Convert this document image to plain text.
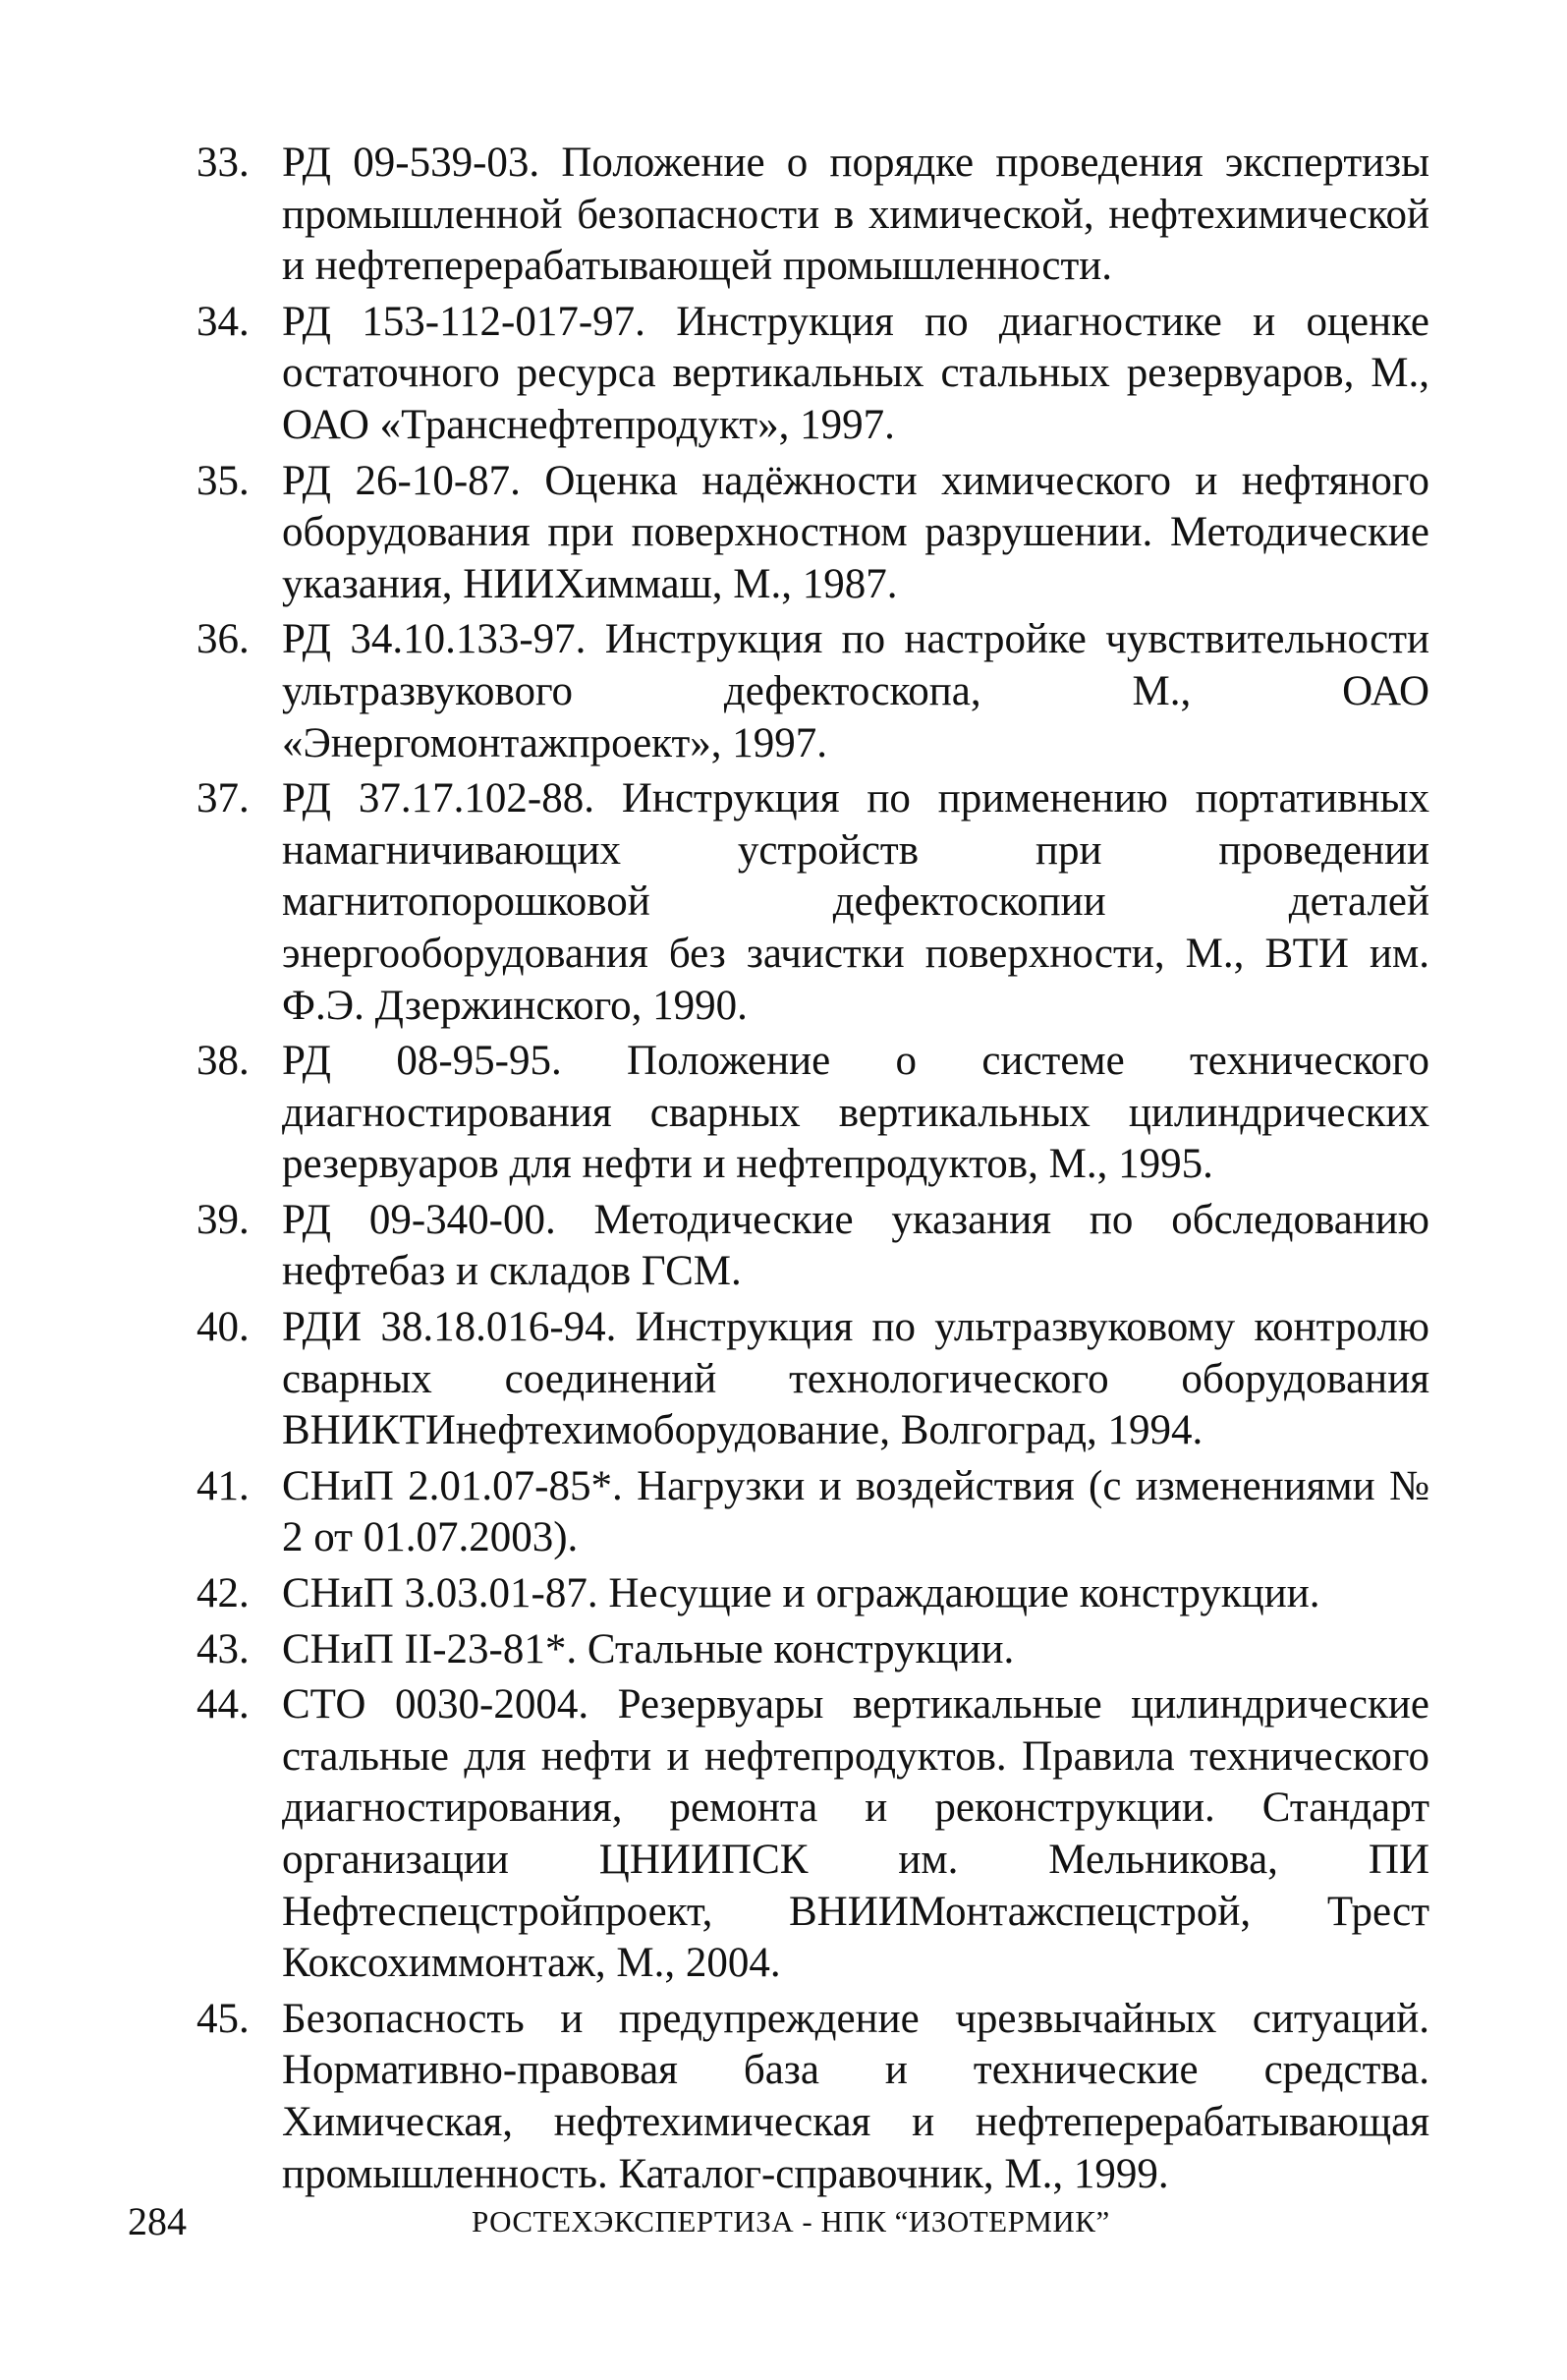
33. РД 09-539-03. Положение о порядке проведения экспертизы промышленной безопасности в химической, нефтехимической и нефтеперерабатывающей промышленности.
34. РД 153-112-017-97. Инструкция по диагностике и оценке остаточного ресурса вертикальных стальных резервуаров, М., ОАО «Транснефтепродукт», 1997.
35. РД 26-10-87. Оценка надёжности химического и нефтяного оборудования при поверхностном разрушении. Методические указания, НИИХиммаш, М., 1987.
36. РД 34.10.133-97. Инструкция по настройке чувствительности ультразвукового дефектоскопа, М., ОАО «Энергомонтажпроект», 1997.
37. РД 37.17.102-88. Инструкция по применению портативных намагничивающих устройств при проведении магнитопорошковой дефектоскопии деталей энергооборудования без зачистки поверхности, М., ВТИ им. Ф.Э. Дзержинского, 1990.
38. РД 08-95-95. Положение о системе технического диагностирования сварных вертикальных цилиндрических резервуаров для нефти и нефтепродуктов, М., 1995.
39. РД 09-340-00. Методические указания по обследованию нефтебаз и складов ГСМ.
40. РДИ 38.18.016-94. Инструкция по ультразвуковому контролю сварных соединений технологического оборудования ВНИКТИнефтехимоборудование, Волгоград, 1994.
41. СНиП 2.01.07-85*. Нагрузки и воздействия (с изменениями № 2 от 01.07.2003).
42. СНиП 3.03.01-87. Несущие и ограждающие конструкции.
43. СНиП II-23-81*. Стальные конструкции.
44. СТО 0030-2004. Резервуары вертикальные цилиндрические стальные для нефти и нефтепродуктов. Правила технического диагностирования, ремонта и реконструкции. Стандарт организации ЦНИИПСК им. Мельникова, ПИ Нефтеспецстройпроект, ВНИИМонтажспецстрой, Трест Коксохиммонтаж, М., 2004.
45. Безопасность и предупреждение чрезвычайных ситуаций. Нормативно-правовая база и технические средства. Химическая, нефтехимическая и нефтеперерабатывающая промышленность. Каталог-справочник, М., 1999.
284	РОСТЕХЭКСПЕРТИЗА - НПК “ИЗОТЕРМИК”
